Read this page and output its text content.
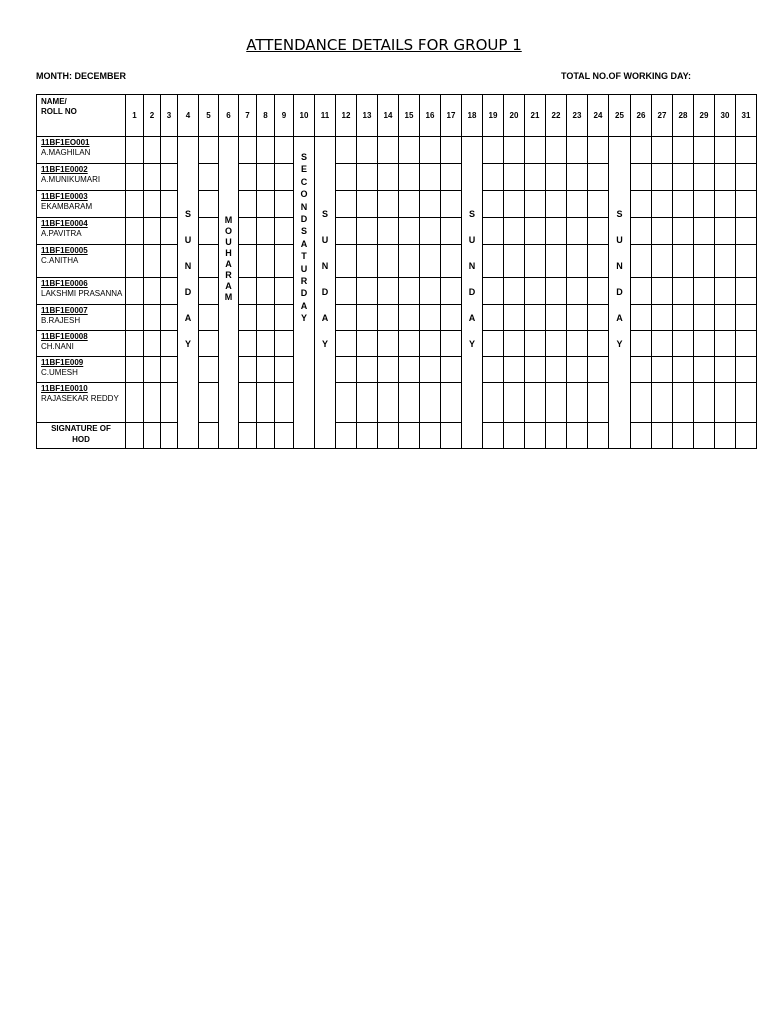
ATTENDANCE DETAILS FOR GROUP 1
MONTH: DECEMBER	TOTAL NO.OF WORKING DAY:
NAME/
ROLL NO	1	2	3	4	5	6	7	8	9	10	11	12	13	14	15	16	17	18	19	20	21	22	23	24	25	26	27	28	29	30	31

11BF1EO001
A.MAGHILAN				SUNDAY		MOUHARAM				SECONDSATURDAY	SUNDAY							SUNDAY							SUNDAY						

11BF1E0002
A.MUNIKUMARI																															

11BF1E0003
EKAMBARAM																															

11BF1E0004
A.PAVITRA																															

11BF1E0005
C.ANITHA																															

11BF1E0006
LAKSHMI PRASANNA																															

11BF1E0007
B.RAJESH																															

11BF1E0008
CH.NANI																															

11BF1E009
C.UMESH																															

11BF1E0010
RAJASEKAR REDDY																															

SIGNATURE OF
HOD																															
